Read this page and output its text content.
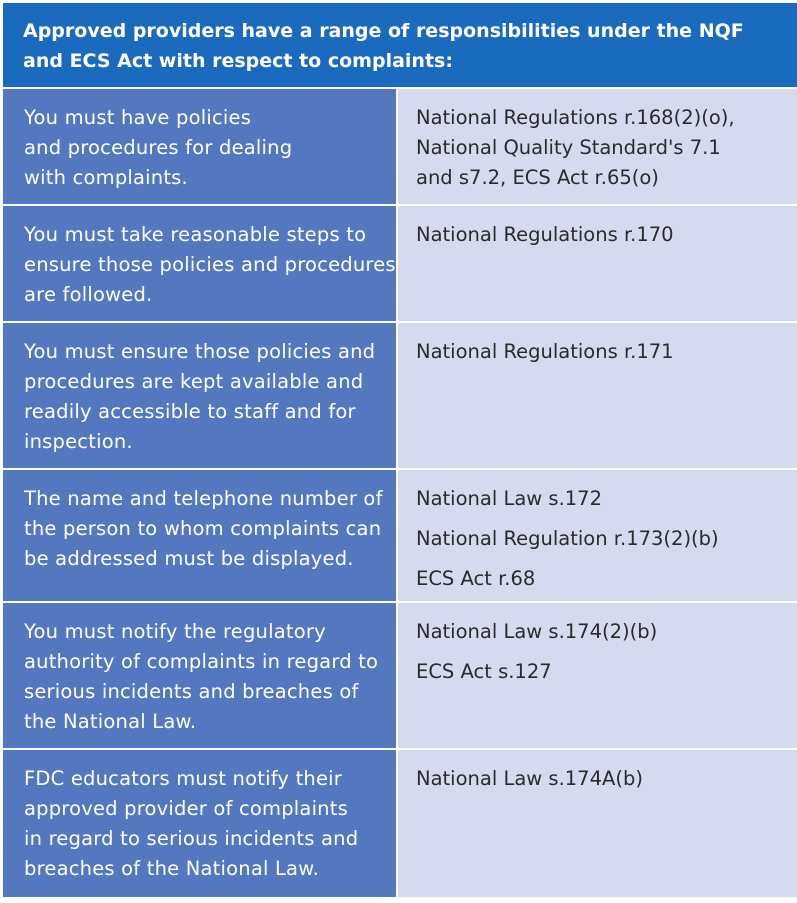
Approved providers have a range of responsibilities under the NQF
and ECS Act with respect to complaints:
You must have policies
and procedures for dealing
with complaints.
National Regulations r.168(2)(o),
National Quality Standard's 7.1
and s7.2, ECS Act r.65(o)
You must take reasonable steps to
ensure those policies and procedures
are followed.
National Regulations r.170
You must ensure those policies and
procedures are kept available and
readily accessible to staff and for
inspection.
National Regulations r.171
The name and telephone number of
the person to whom complaints can
be addressed must be displayed.
National Law s.172
National Regulation r.173(2)(b)
ECS Act r.68
You must notify the regulatory
authority of complaints in regard to
serious incidents and breaches of
the National Law.
National Law s.174(2)(b)
ECS Act s.127
FDC educators must notify their
approved provider of complaints
in regard to serious incidents and
breaches of the National Law.
National Law s.174A(b)
